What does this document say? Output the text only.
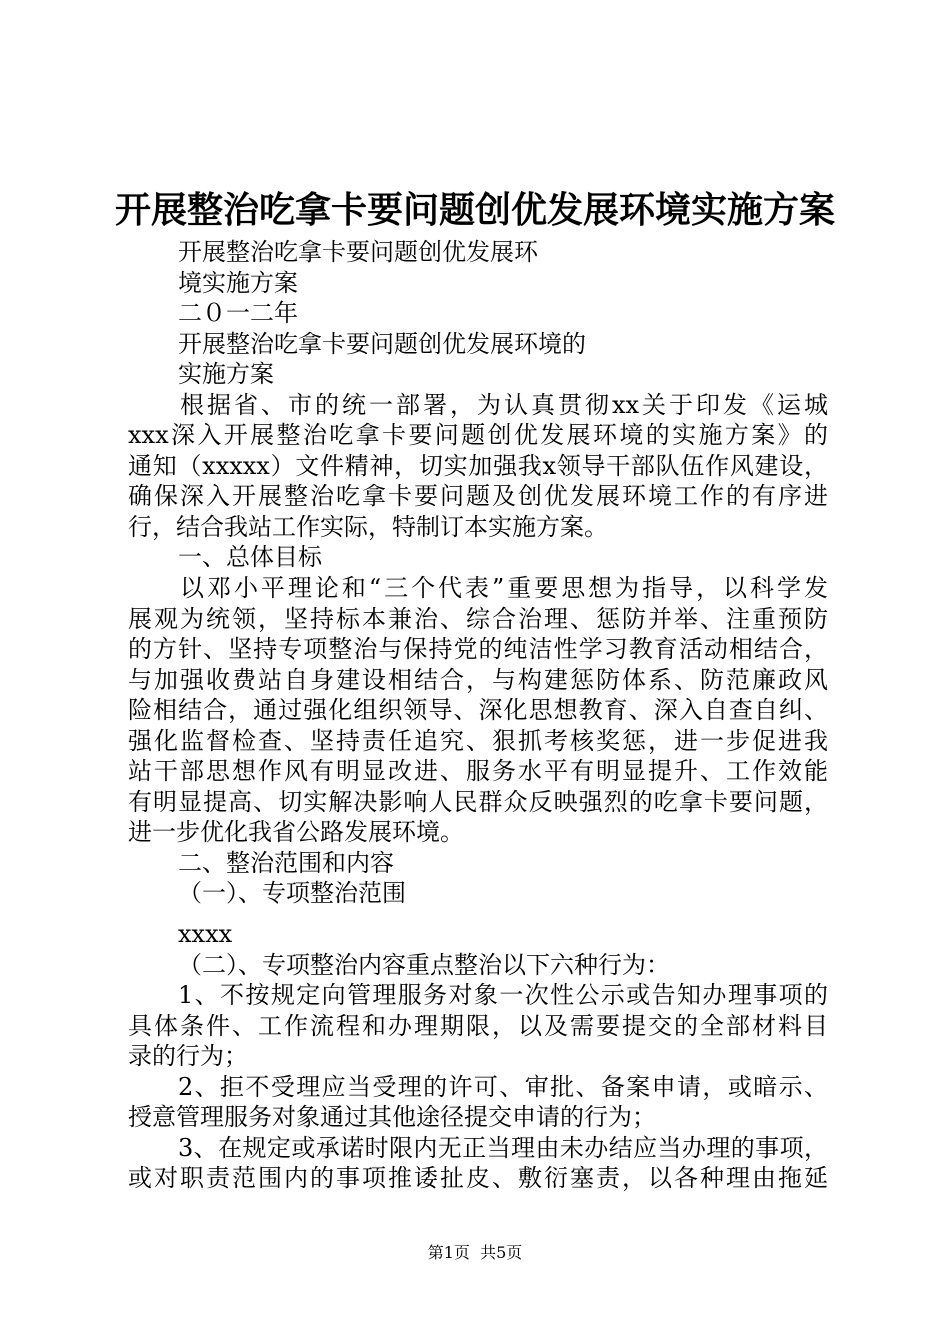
开展整治吃拿卡要问题创优发展环境实施方案
开展整治吃拿卡要问题创优发展环
境实施方案
二０一二年
开展整治吃拿卡要问题创优发展环境的
实施方案
根据省、市的统一部署，为认真贯彻xx关于印发《运城
xxx深入开展整治吃拿卡要问题创优发展环境的实施方案》的
通知（xxxxx）文件精神，切实加强我x领导干部队伍作风建设，
确保深入开展整治吃拿卡要问题及创优发展环境工作的有序进
行，结合我站工作实际，特制订本实施方案。
一、总体目标
以邓小平理论和“三个代表”重要思想为指导，以科学发
展观为统领，坚持标本兼治、综合治理、惩防并举、注重预防
的方针、坚持专项整治与保持党的纯洁性学习教育活动相结合，
与加强收费站自身建设相结合，与构建惩防体系、防范廉政风
险相结合，通过强化组织领导、深化思想教育、深入自查自纠、
强化监督检查、坚持责任追究、狠抓考核奖惩，进一步促进我
站干部思想作风有明显改进、服务水平有明显提升、工作效能
有明显提高、切实解决影响人民群众反映强烈的吃拿卡要问题，
进一步优化我省公路发展环境。
二、整治范围和内容
（一）、专项整治范围
xxxx
（二）、专项整治内容重点整治以下六种行为：
1、不按规定向管理服务对象一次性公示或告知办理事项的
具体条件、工作流程和办理期限，以及需要提交的全部材料目
录的行为；
2、拒不受理应当受理的许可、审批、备案申请，或暗示、
授意管理服务对象通过其他途径提交申请的行为；
3、在规定或承诺时限内无正当理由未办结应当办理的事项，
或对职责范围内的事项推诿扯皮、敷衍塞责，以各种理由拖延
第1页  共5页
